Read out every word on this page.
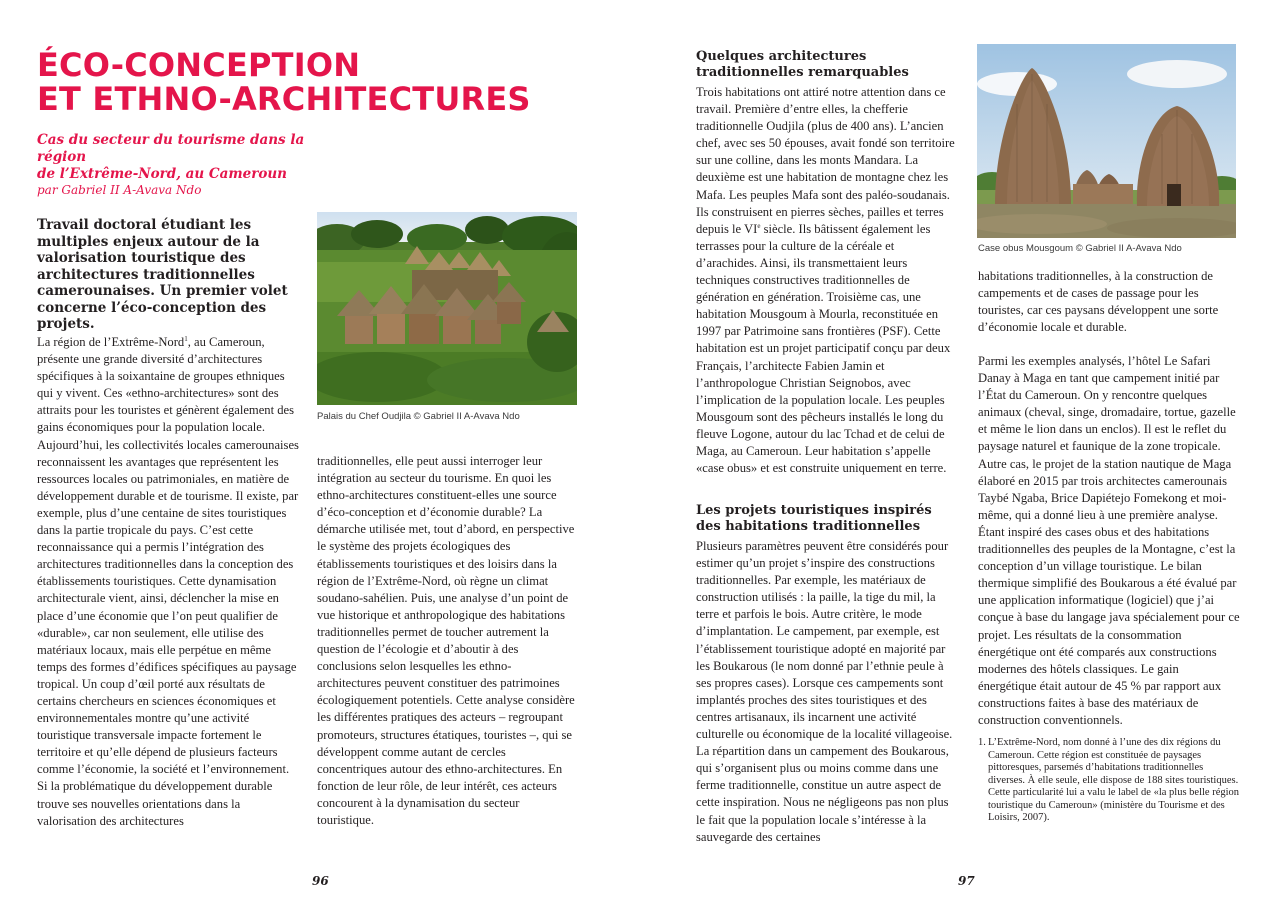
ÉCO-CONCEPTION
ET ETHNO-ARCHITECTURES

Cas du secteur du tourisme dans la région
de l’Extrême-Nord, au Cameroun

par Gabriel II A-Avava Ndo

Travail doctoral étudiant les multiples enjeux autour de la valorisation touristique des architectures traditionnelles camerounaises. Un premier volet concerne l’éco-conception des projets.

Palais du Chef Oudjila © Gabriel II A-Avava Ndo

La région de l’Extrême-Nord$^1$, au Cameroun, présente une grande diversité d’architectures spécifiques à la soixantaine de groupes ethniques qui y vivent. Ces «ethno-architectures» sont des attraits pour les touristes et génèrent également des gains économiques pour la population locale. Aujourd’hui, les collectivités locales camerounaises reconnaissent les avantages que représentent les ressources locales ou patrimoniales, en matière de développement durable et de tourisme. Il existe, par exemple, plus d’une centaine de sites touristiques dans la partie tropicale du pays. C’est cette reconnaissance qui a permis l’intégration des architectures traditionnelles dans la conception des établissements touristiques. Cette dynamisation architecturale vient, ainsi, déclencher la mise en place d’une économie que l’on peut qualifier de «durable», car non seulement, elle utilise des matériaux locaux, mais elle perpétue en même temps des formes d’édifices spécifiques au paysage tropical. Un coup d’œil porté aux résultats de certains chercheurs en sciences économiques et environnementales montre qu’une activité touristique transversale impacte fortement le territoire et qu’elle dépend de plusieurs facteurs comme l’économie, la société et l’environnement. Si la problématique du développement durable trouve ses nouvelles orientations dans la valorisation des architectures

traditionnelles, elle peut aussi interroger leur intégration au secteur du tourisme. En quoi les ethno-architectures constituent-elles une source d’éco-conception et d’économie durable? La démarche utilisée met, tout d’abord, en perspective le système des projets écologiques des établissements touristiques et des loisirs dans la région de l’Extrême-Nord, où règne un climat soudano-sahélien. Puis, une analyse d’un point de vue historique et anthropologique des habitations traditionnelles permet de toucher autrement la question de l’écologie et d’aboutir à des conclusions selon lesquelles les ethno-architectures peuvent constituer des patrimoines écologiquement potentiels. Cette analyse considère les différentes pratiques des acteurs – regroupant promoteurs, structures étatiques, touristes –, qui se développent comme autant de cercles concentriques autour des ethno-architectures. En fonction de leur rôle, de leur intérêt, ces acteurs concourent à la dynamisation du secteur touristique.

96

Quelques architectures traditionnelles remarquables

Trois habitations ont attiré notre attention dans ce travail. Première d’entre elles, la chefferie traditionnelle Oudjila (plus de 400 ans). L’ancien chef, avec ses 50 épouses, avait fondé son territoire sur une colline, dans les monts Mandara. La deuxième est une habitation de montagne chez les Mafa. Les peuples Mafa sont des paléo-soudanais. Ils construisent en pierres sèches, pailles et terres depuis le VIe siècle. Ils bâtissent également les terrasses pour la culture de la céréale et d’arachides. Ainsi, ils transmettaient leurs techniques constructives traditionnelles de génération en génération. Troisième cas, une habitation Mousgoum à Mourla, reconstituée en 1997 par Patrimoine sans frontières (PSF). Cette habitation est un projet participatif conçu par deux Français, l’architecte Fabien Jamin et l’anthropologue Christian Seignobos, avec l’implication de la population locale. Les peuples Mousgoum sont des pêcheurs installés le long du fleuve Logone, autour du lac Tchad et de celui de Maga, au Cameroun. Leur habitation s’appelle «case obus» et est construite uniquement en terre.

Les projets touristiques inspirés des habitations traditionnelles

Plusieurs paramètres peuvent être considérés pour estimer qu’un projet s’inspire des constructions traditionnelles. Par exemple, les matériaux de construction utilisés : la paille, la tige du mil, la terre et parfois le bois. Autre critère, le mode d’implantation. Le campement, par exemple, est l’établissement touristique adopté en majorité par les Boukarous (le nom donné par l’ethnie peule à ses propres cases). Lorsque ces campements sont implantés proches des sites touristiques et des centres artisanaux, ils incarnent une activité culturelle ou économique de la localité villageoise. La répartition dans un campement des Boukarous, qui s’organisent plus ou moins comme dans une ferme traditionnelle, constitue un autre aspect de cette inspiration. Nous ne négligeons pas non plus le fait que la population locale s’intéresse à la sauvegarde des certaines

Case obus Mousgoum © Gabriel II A-Avava Ndo

habitations traditionnelles, à la construction de campements et de cases de passage pour les touristes, car ces paysans développent une sorte d’économie locale et durable.

Parmi les exemples analysés, l’hôtel Le Safari Danay à Maga en tant que campement initié par l’État du Cameroun. On y rencontre quelques animaux (cheval, singe, dromadaire, tortue, gazelle et même le lion dans un enclos). Il est le reflet du paysage naturel et faunique de la zone tropicale. Autre cas, le projet de la station nautique de Maga élaboré en 2015 par trois architectes camerounais Taybé Ngaba, Brice Dapiétejo Fomekong et moi-même, qui a donné lieu à une première analyse. Étant inspiré des cases obus et des habitations traditionnelles des peuples de la Montagne, c’est la conception d’un village touristique. Le bilan thermique simplifié des Boukarous a été évalué par une application informatique (logiciel) que j’ai conçue à base du langage java spécialement pour ce projet. Les résultats de la consommation énergétique ont été comparés aux constructions modernes des hôtels classiques. Le gain énergétique était autour de 45 % par rapport aux constructions faites à base des matériaux de construction conventionnels.

1. L’Extrême-Nord, nom donné à l’une des dix régions du Cameroun. Cette région est constituée de paysages pittoresques, parsemés d’habitations traditionnelles diverses. À elle seule, elle dispose de 188 sites touristiques. Cette particularité lui a valu le label de «la plus belle région touristique du Cameroun» (ministère du Tourisme et des Loisirs, 2007).

97
